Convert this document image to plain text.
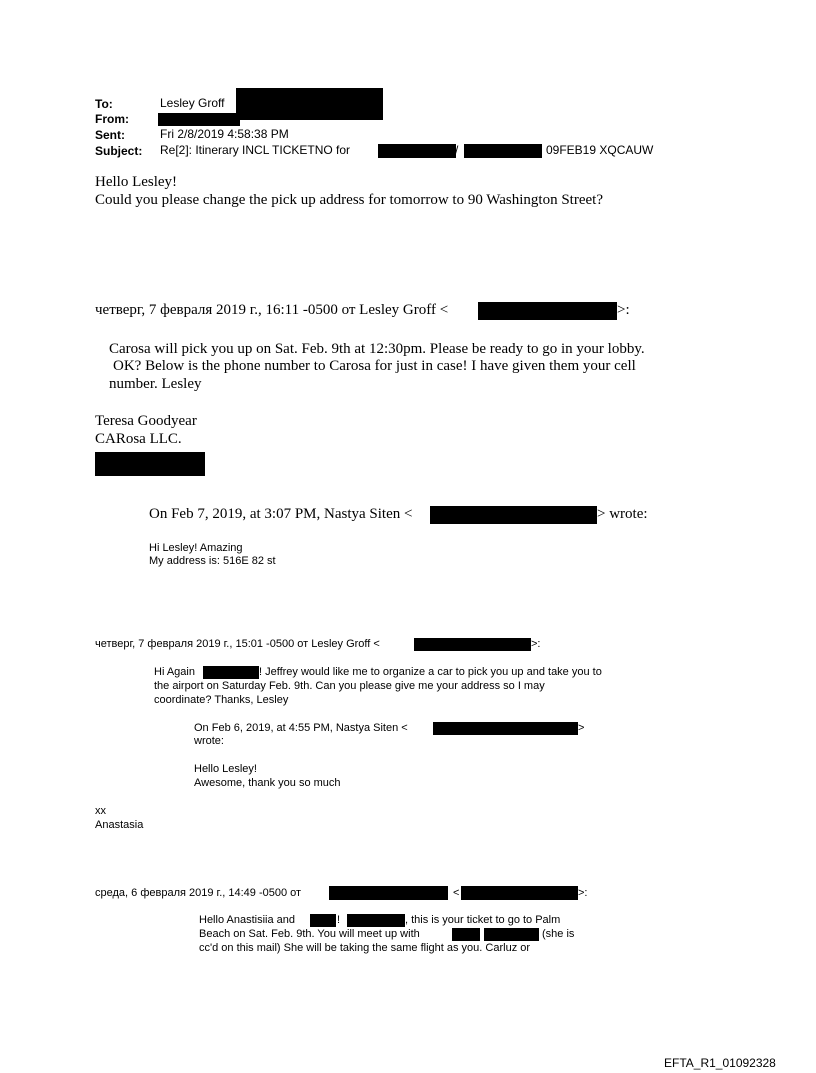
To:	Lesley Groff
From:
Sent:	Fri 2/8/2019 4:58:38 PM
Subject: Re[2]: Itinerary INCL TICKETNO for	/	09FEB19 XQCAUW
Hello Lesley!
Could you please change the pick up address for tomorrow to 90 Washington Street?
четверг, 7 февраля 2019 г., 16:11 -0500 от Lesley Groff <	>:
Carosa will pick you up on Sat. Feb. 9th at 12:30pm. Please be ready to go in your lobby.
OK? Below is the phone number to Carosa for just in case! I have given them your cell
number. Lesley
Teresa Goodyear
CARosa LLC.
On Feb 7, 2019, at 3:07 PM, Nastya Siten <	> wrote:
Hi Lesley! Amazing
My address is: 516E 82 st
четверг, 7 февраля 2019 г., 15:01 -0500 от Lesley Groff <	>:
Hi Again	! Jeffrey would like me to organize a car to pick you up and take you to
the airport on Saturday Feb. 9th. Can you please give me your address so I may
coordinate? Thanks, Lesley
On Feb 6, 2019, at 4:55 PM, Nastya Siten <	>
wrote:
Hello Lesley!
Awesome, thank you so much
xx
Anastasia
среда, 6 февраля 2019 г., 14:49 -0500 от	<	>:
Hello Anastisiia and	!	, this is your ticket to go to Palm
Beach on Sat. Feb. 9th. You will meet up with	(she is
cc'd on this mail) She will be taking the same flight as you. Carluz or
EFTA_R1_01092328
